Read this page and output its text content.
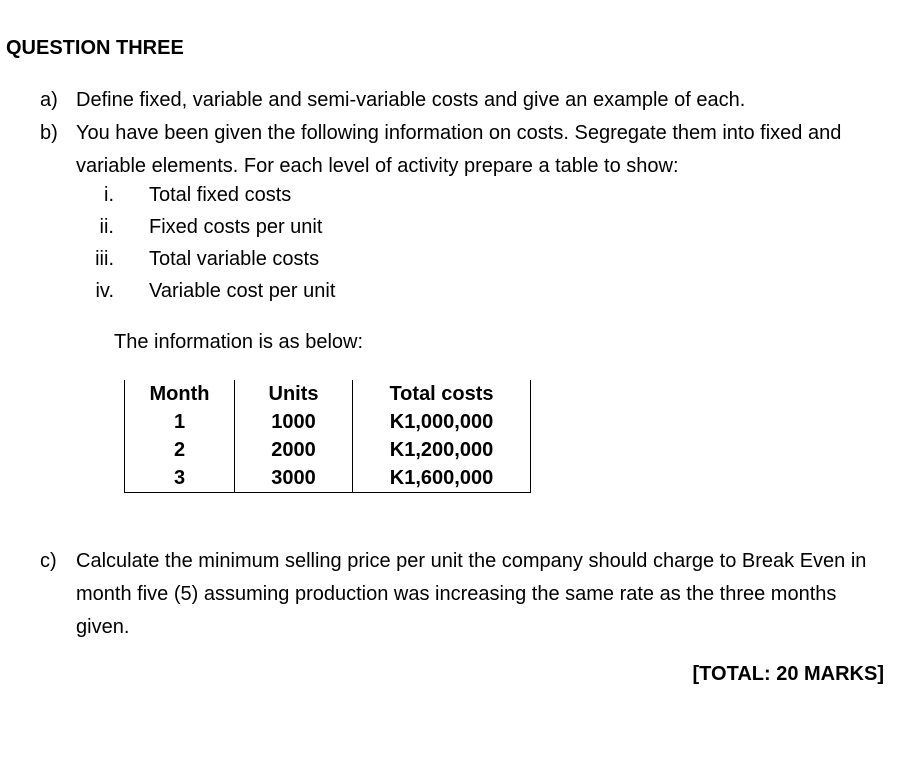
QUESTION THREE
a) Define fixed, variable and semi-variable costs and give an example of each.
b) You have been given the following information on costs. Segregate them into fixed and variable elements. For each level of activity prepare a table to show:
i. Total fixed costs
ii. Fixed costs per unit
iii. Total variable costs
iv. Variable cost per unit
The information is as below:
Month	Units	Total costs
1	1000	K1,000,000
2	2000	K1,200,000
3	3000	K1,600,000
c) Calculate the minimum selling price per unit the company should charge to Break Even in month five (5) assuming production was increasing the same rate as the three months given.
[TOTAL: 20 MARKS]
